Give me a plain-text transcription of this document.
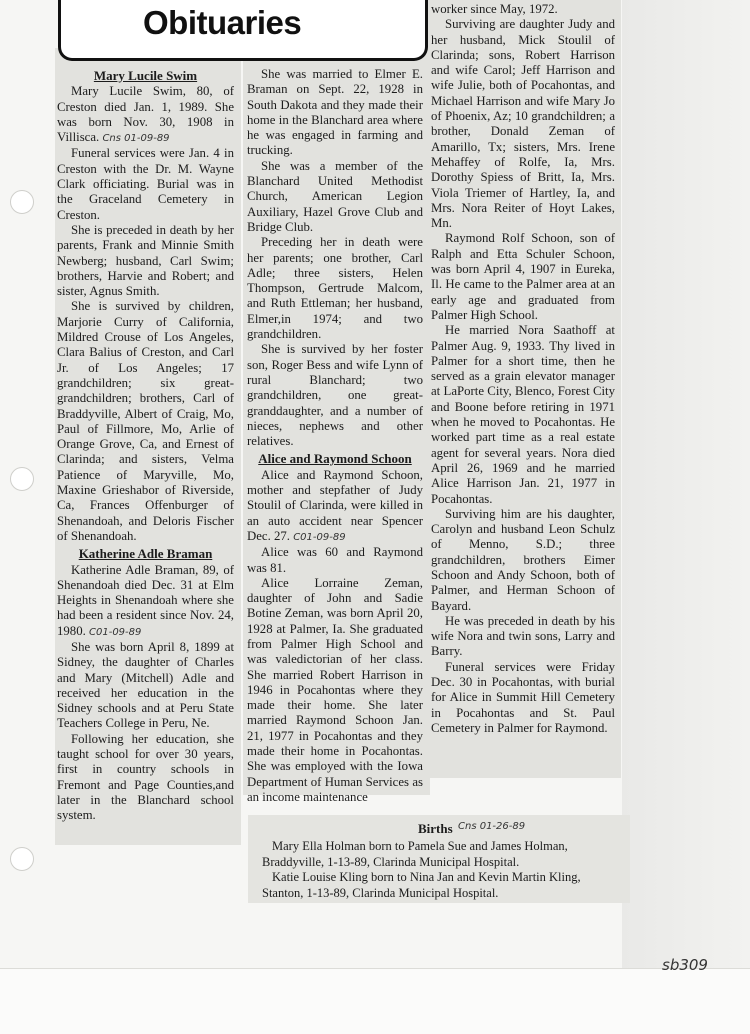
Obituaries

Mary Lucile Swim

Mary Lucile Swim, 80, of Creston died Jan. 1, 1989. She was born Nov. 30, 1908 in Villisca. Cns 01-09-89

Funeral services were Jan. 4 in Creston with the Dr. M. Wayne Clark officiating. Burial was in the Graceland Cemetery in Creston.

She is preceded in death by her parents, Frank and Minnie Smith Newberg; husband, Carl Swim; brothers, Harvie and Robert; and sister, Agnus Smith.

She is survived by children, Marjorie Curry of California, Mildred Crouse of Los Angeles, Clara Balius of Creston, and Carl Jr. of Los Angeles; 17 grandchildren; six great-grandchildren; brothers, Carl of Braddyville, Albert of Craig, Mo, Paul of Fillmore, Mo, Arlie of Orange Grove, Ca, and Ernest of Clarinda; and sisters, Velma Patience of Maryville, Mo, Maxine Grieshabor of Riverside, Ca, Frances Offenburger of Shenandoah, and Deloris Fischer of Shenandoah.

Katherine Adle Braman

Katherine Adle Braman, 89, of Shenandoah died Dec. 31 at Elm Heights in Shenandoah where she had been a resident since Nov. 24, 1980. C01-09-89

She was born April 8, 1899 at Sidney, the daughter of Charles and Mary (Mitchell) Adle and received her education in the Sidney schools and at Peru State Teachers College in Peru, Ne.

Following her education, she taught school for over 30 years, first in country schools in Fremont and Page Counties,and later in the Blanchard school system.

She was married to Elmer E. Braman on Sept. 22, 1928 in South Dakota and they made their home in the Blanchard area where he was engaged in farming and trucking.

She was a member of the Blanchard United Methodist Church, American Legion Auxiliary, Hazel Grove Club and Bridge Club.

Preceding her in death were her parents; one brother, Carl Adle; three sisters, Helen Thompson, Gertrude Malcom, and Ruth Ettleman; her husband, Elmer,in 1974; and two grandchildren.

She is survived by her foster son, Roger Bess and wife Lynn of rural Blanchard; two grandchildren, one great-granddaughter, and a number of nieces, nephews and other relatives.

Alice and Raymond Schoon

Alice and Raymond Schoon, mother and stepfather of Judy Stoulil of Clarinda, were killed in an auto accident near Spencer Dec. 27. C01-09-89

Alice was 60 and Raymond was 81.

Alice Lorraine Zeman, daughter of John and Sadie Botine Zeman, was born April 20, 1928 at Palmer, Ia. She graduated from Palmer High School and was valedictorian of her class. She married Robert Harrison in 1946 in Pocahontas where they made their home. She later married Raymond Schoon Jan. 21, 1977 in Pocahontas and they made their home in Pocahontas. She was employed with the Iowa Department of Human Services as an income maintenance

worker since May, 1972.

Surviving are daughter Judy and her husband, Mick Stoulil of Clarinda; sons, Robert Harrison and wife Carol; Jeff Harrison and wife Julie, both of Pocahontas, and Michael Harrison and wife Mary Jo of Phoenix, Az; 10 grandchildren; a brother, Donald Zeman of Amarillo, Tx; sisters, Mrs. Irene Mehaffey of Rolfe, Ia, Mrs. Dorothy Spiess of Britt, Ia, Mrs. Viola Triemer of Hartley, Ia, and Mrs. Nora Reiter of Hoyt Lakes, Mn.

Raymond Rolf Schoon, son of Ralph and Etta Schuler Schoon, was born April 4, 1907 in Eureka, Il. He came to the Palmer area at an early age and graduated from Palmer High School.

He married Nora Saathoff at Palmer Aug. 9, 1933. Thy lived in Palmer for a short time, then he served as a grain elevator manager at LaPorte City, Blenco, Forest City and Boone before retiring in 1971 when he moved to Pocahontas. He worked part time as a real estate agent for several years. Nora died April 26, 1969 and he married Alice Harrison Jan. 21, 1977 in Pocahontas.

Surviving him are his daughter, Carolyn and husband Leon Schulz of Menno, S.D.; three grandchildren, brothers Eimer Schoon and Andy Schoon, both of Palmer, and Herman Schoon of Bayard.

He was preceded in death by his wife Nora and twin sons, Larry and Barry.

Funeral services were Friday Dec. 30 in Pocahontas, with burial for Alice in Summit Hill Cemetery in Pocahontas and St. Paul Cemetery in Palmer for Raymond.

Births Cns 01-26-89

Mary Ella Holman born to Pamela Sue and James Holman, Braddyville, 1-13-89, Clarinda Municipal Hospital.

Katie Louise Kling born to Nina Jan and Kevin Martin Kling, Stanton, 1-13-89, Clarinda Municipal Hospital.

sb309
